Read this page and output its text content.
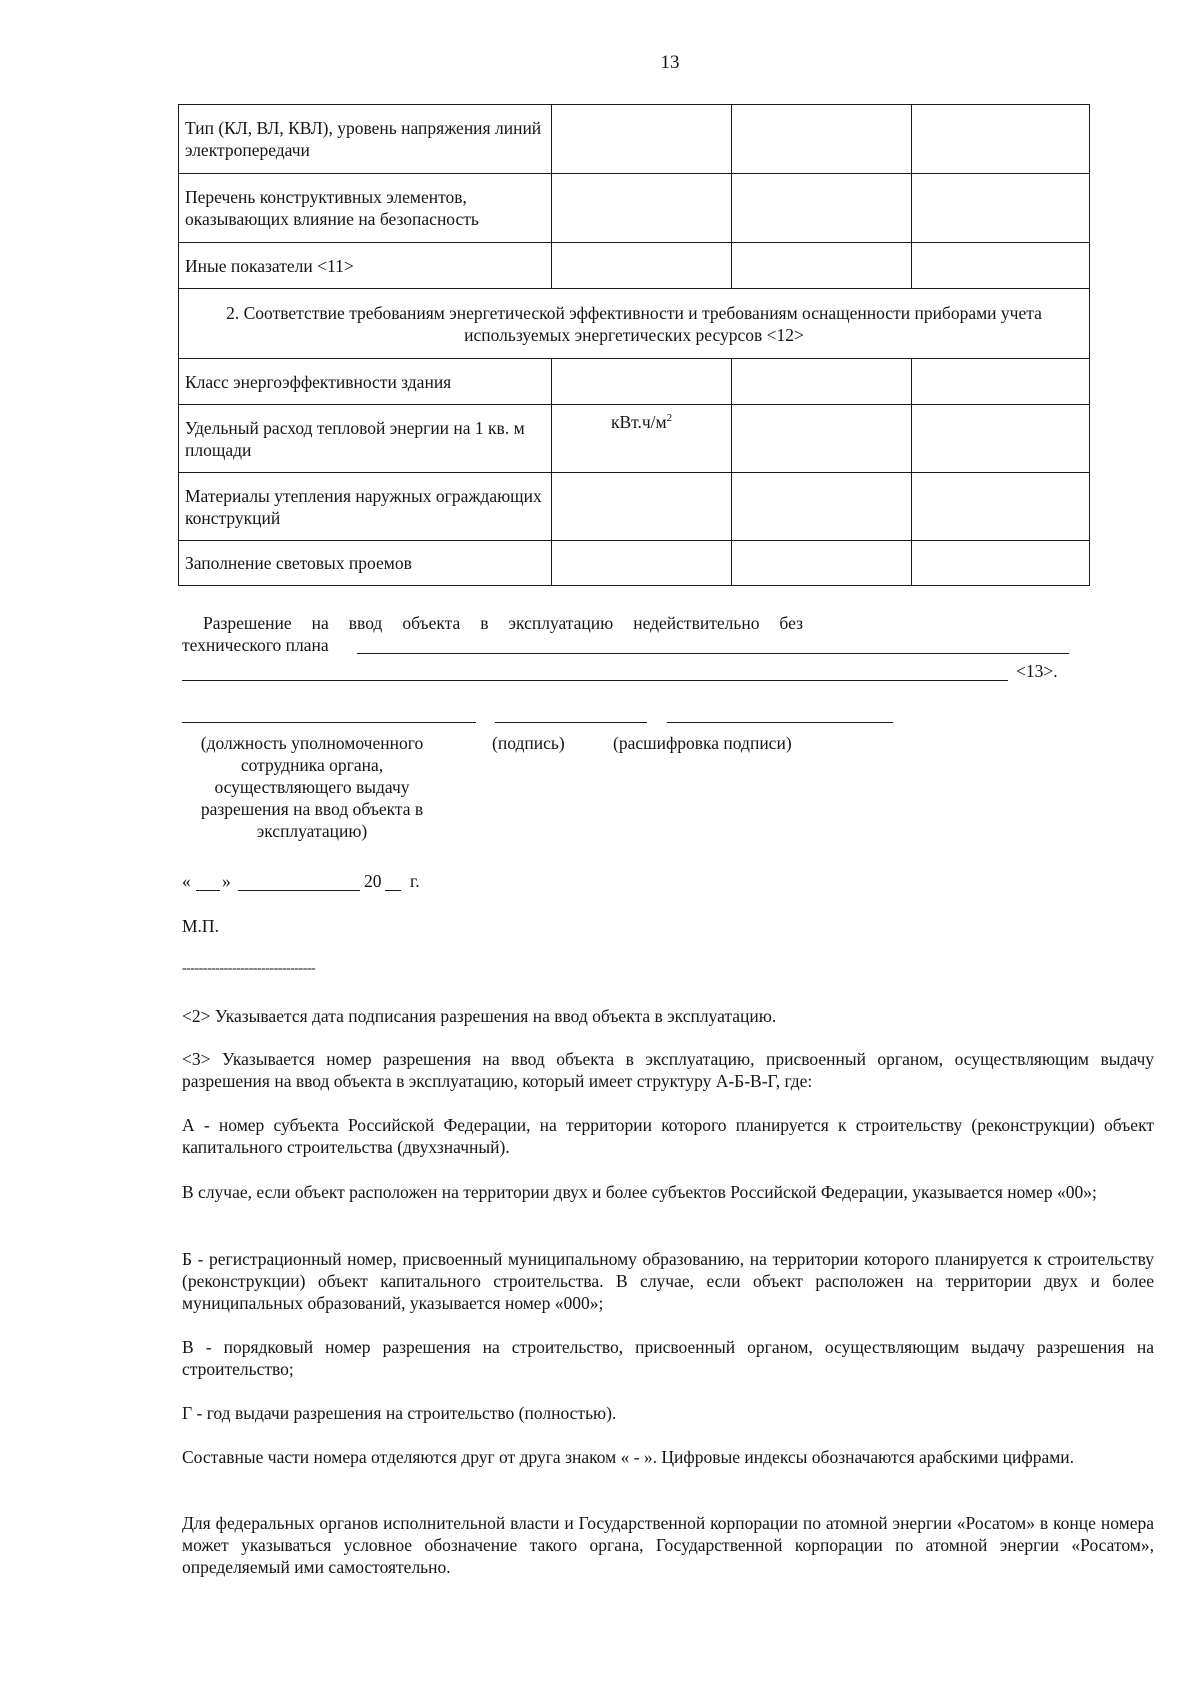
13
Тип (КЛ, ВЛ, КВЛ), уровень напряжения линий электропередачи			
Перечень конструктивных элементов, оказывающих влияние на безопасность			
Иные показатели <11>			
2. Соответствие требованиям энергетической эффективности и требованиям оснащенности приборами учета используемых энергетических ресурсов <12>			
Класс энергоэффективности здания			
Удельный расход тепловой энергии на 1 кв. м площади	$кВт.ч/м^2$		
Материалы утепления наружных ограждающих конструкций			
Заполнение световых проемов			
Разрешение на ввод объекта в эксплуатацию недействительно без
технического плана
<13>.
(должность уполномоченного сотрудника органа, осуществляющего выдачу разрешения на ввод объекта в эксплуатацию)
(подпись)	(расшифровка подписи)
« »	20 г.
М.П.
--------------------------------
<2> Указывается дата подписания разрешения на ввод объекта в эксплуатацию.
<3> Указывается номер разрешения на ввод объекта в эксплуатацию, присвоенный органом, осуществляющим выдачу разрешения на ввод объекта в эксплуатацию, который имеет структуру А-Б-В-Г, где:
А - номер субъекта Российской Федерации, на территории которого планируется к строительству (реконструкции) объект капитального строительства (двухзначный).
В случае, если объект расположен на территории двух и более субъектов Российской Федерации, указывается номер «00»;
Б - регистрационный номер, присвоенный муниципальному образованию, на территории которого планируется к строительству (реконструкции) объект капитального строительства. В случае, если объект расположен на территории двух и более муниципальных образований, указывается номер «000»;
В - порядковый номер разрешения на строительство, присвоенный органом, осуществляющим выдачу разрешения на строительство;
Г - год выдачи разрешения на строительство (полностью).
Составные части номера отделяются друг от друга знаком « - ». Цифровые индексы обозначаются арабскими цифрами.
Для федеральных органов исполнительной власти и Государственной корпорации по атомной энергии «Росатом» в конце номера может указываться условное обозначение такого органа, Государственной корпорации по атомной энергии «Росатом», определяемый ими самостоятельно.
